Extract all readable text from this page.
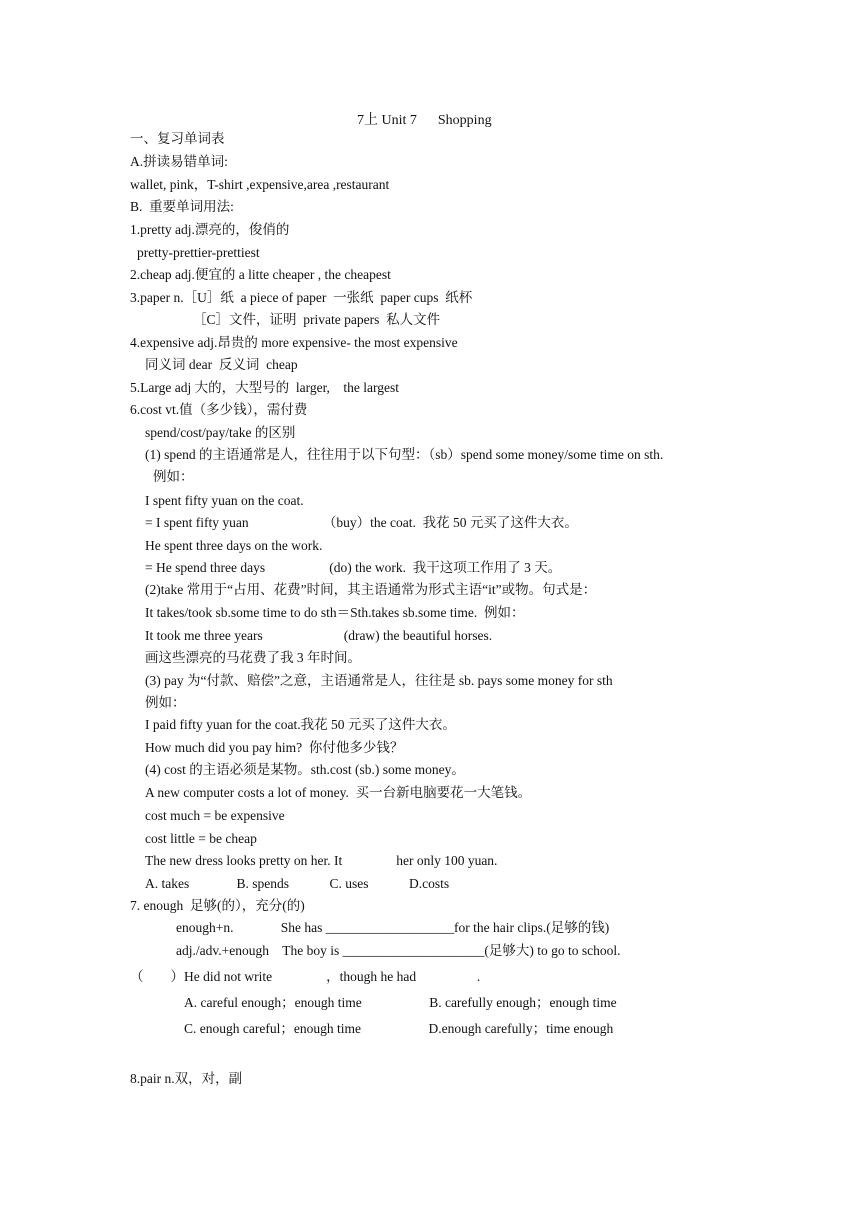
7上 Unit 7      Shopping
一、复习单词表
A.拼读易错单词:
wallet, pink，T-shirt ,expensive,area ,restaurant
B.  重要单词用法:
1.pretty adj.漂亮的，俊俏的
pretty-prettier-prettiest
2.cheap adj.便宜的 a litte cheaper , the cheapest
3.paper n.［U］纸  a piece of paper  一张纸  paper cups  纸杯
［C］文件，证明  private papers  私人文件
4.expensive adj.昂贵的 more expensive- the most expensive
同义词 dear  反义词  cheap
5.Large adj 大的，大型号的  larger,    the largest
6.cost vt.值（多少钱），需付费
spend/cost/pay/take 的区别
(1) spend 的主语通常是人，往往用于以下句型：（sb）spend some money/some time on sth.
例如：
I spent fifty yuan on the coat.
= I spent fifty yuan                      （buy）the coat.  我花 50 元买了这件大衣。
He spent three days on the work.
= He spend three days                   (do) the work.  我干这项工作用了 3 天。
(2)take 常用于“占用、花费”时间，其主语通常为形式主语“it”或物。句式是：
It takes/took sb.some time to do sth＝Sth.takes sb.some time.  例如：
It took me three years                        (draw) the beautiful horses.
画这些漂亮的马花费了我 3 年时间。
(3) pay 为“付款、赔偿”之意，主语通常是人，往往是 sb. pays some money for sth
例如：
I paid fifty yuan for the coat.我花 50 元买了这件大衣。
How much did you pay him?  你付他多少钱？
(4) cost 的主语必须是某物。sth.cost (sb.) some money。
A new computer costs a lot of money.  买一台新电脑要花一大笔钱。
cost much = be expensive
cost little = be cheap
The new dress looks pretty on her. It                her only 100 yuan.
A. takes              B. spends            C. uses            D.costs
7. enough  足够(的），充分(的)
enough+n.              She has ___________________for the hair clips.(足够的钱)
adj./adv.+enough    The boy is _____________________(足够大) to go to school.
（        ）He did not write                ，though he had                  .
A. careful enough；enough time                    B. carefully enough；enough time
C. enough careful；enough time                    D.enough carefully；time enough
8.pair n.双，对，副
